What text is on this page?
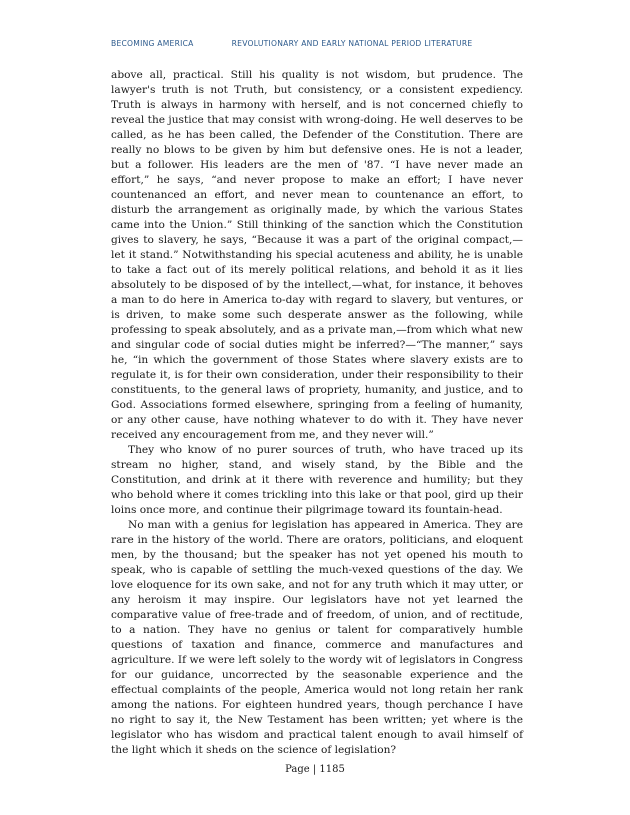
BECOMING AMERICA	REVOLUTIONARY AND EARLY NATIONAL PERIOD LITERATURE

above all, practical. Still his quality is not wisdom, but prudence. The lawyer's truth is not Truth, but consistency, or a consistent expediency. Truth is always in harmony with herself, and is not concerned chiefly to reveal the justice that may consist with wrong-doing. He well deserves to be called, as he has been called, the Defender of the Constitution. There are really no blows to be given by him but defensive ones. He is not a leader, but a follower. His leaders are the men of '87. “I have never made an effort,” he says, “and never propose to make an effort; I have never countenanced an effort, and never mean to countenance an effort, to disturb the arrangement as originally made, by which the various States came into the Union.” Still thinking of the sanction which the Constitution gives to slavery, he says, “Because it was a part of the original compact,—let it stand.” Notwithstanding his special acuteness and ability, he is unable to take a fact out of its merely political relations, and behold it as it lies absolutely to be disposed of by the intellect,—what, for instance, it behoves a man to do here in America to-day with regard to slavery, but ventures, or is driven, to make some such desperate answer as the following, while professing to speak absolutely, and as a private man,—from which what new and singular code of social duties might be inferred?—“The manner,” says he, “in which the government of those States where slavery exists are to regulate it, is for their own consideration, under their responsibility to their constituents, to the general laws of propriety, humanity, and justice, and to God. Associations formed elsewhere, springing from a feeling of humanity, or any other cause, have nothing whatever to do with it. They have never received any encouragement from me, and they never will.”

They who know of no purer sources of truth, who have traced up its stream no higher, stand, and wisely stand, by the Bible and the Constitution, and drink at it there with reverence and humility; but they who behold where it comes trickling into this lake or that pool, gird up their loins once more, and continue their pilgrimage toward its fountain-head.

No man with a genius for legislation has appeared in America. They are rare in the history of the world. There are orators, politicians, and eloquent men, by the thousand; but the speaker has not yet opened his mouth to speak, who is capable of settling the much-vexed questions of the day. We love eloquence for its own sake, and not for any truth which it may utter, or any heroism it may inspire. Our legislators have not yet learned the comparative value of free-trade and of freedom, of union, and of rectitude, to a nation. They have no genius or talent for comparatively humble questions of taxation and finance, commerce and manufactures and agriculture. If we were left solely to the wordy wit of legislators in Congress for our guidance, uncorrected by the seasonable experience and the effectual complaints of the people, America would not long retain her rank among the nations. For eighteen hundred years, though perchance I have no right to say it, the New Testament has been written; yet where is the legislator who has wisdom and practical talent enough to avail himself of the light which it sheds on the science of legislation?

Page | 1185
